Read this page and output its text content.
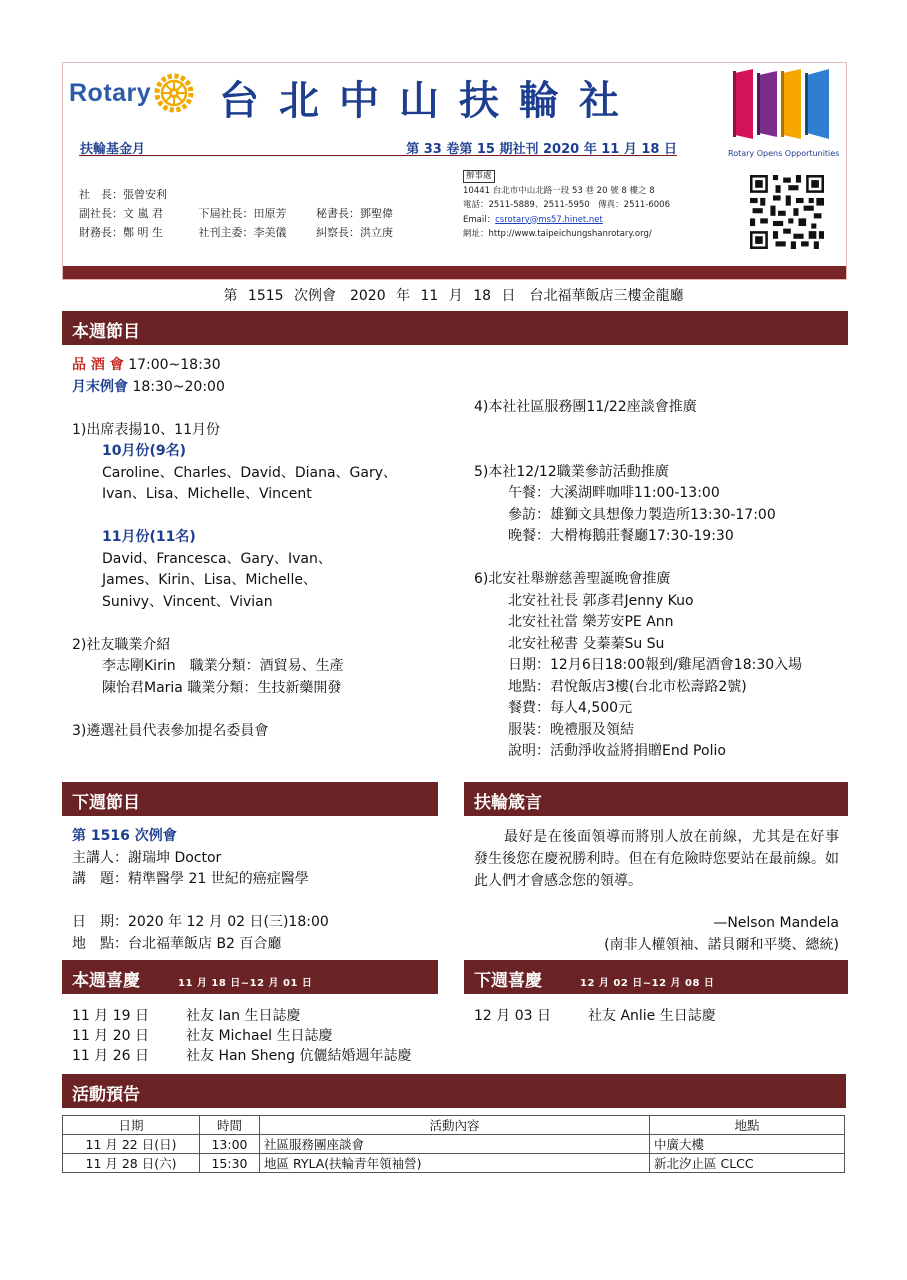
Rotary 台北中山扶輪社
Rotary Opens Opportunities
扶輪基金月	第 33 卷第 15 期社刊 2020 年 11 月 18 日
社　長：張曾安利
副社長：文 嵐 君	下屆社長：田原芳	秘書長：鄧聖偉
財務長：鄭 明 生	社刊主委：李美儀	糾察長：洪立庚
辦事處
10441 台北市中山北路一段 53 巷 20 號 8 樓之 8
電話：2511-5889、2511-5950　傳真：2511-6006
Email：csrotary@ms57.hinet.net
網址：http://www.taipeichungshanrotary.org/
第 1515 次例會　2020 年 11 月 18 日　台北福華飯店三樓金龍廳
本週節目
品 酒 會 17:00~18:30
月末例會 18:30~20:00
1)出席表揚10、11月份
10月份(9名)
Caroline、Charles、David、Diana、Gary、
Ivan、Lisa、Michelle、Vincent
11月份(11名)
David、Francesca、Gary、Ivan、
James、Kirin、Lisa、Michelle、
Sunivy、Vincent、Vivian
2)社友職業介紹
李志剛Kirin　職業分類：酒貿易、生產
陳怡君Maria 職業分類：生技新藥開發
3)遴選社員代表參加提名委員會
4)本社社區服務團11/22座談會推廣
5)本社12/12職業參訪活動推廣
午餐：大溪湖畔咖啡11:00-13:00
參訪：雄獅文具想像力製造所13:30-17:00
晚餐：大榾梅鵝莊餐廳17:30-19:30
6)北安社舉辦慈善聖誕晚會推廣
北安社社長 郭彥君Jenny Kuo
北安社社當 樂芳安PE Ann
北安社秘書 殳蓁蓁Su Su
日期：12月6日18:00報到/雞尾酒會18:30入場
地點：君悅飯店3樓(台北市松壽路2號)
餐費：每人4,500元
服裝：晚禮服及領結
說明：活動淨收益將捐贈End Polio
下週節目
第 1516 次例會
主講人：謝瑞坤 Doctor
講　題：精準醫學 21 世紀的癌症醫學
日　期：2020 年 12 月 02 日(三)18:00
地　點：台北福華飯店 B2 百合廳
扶輪箴言
最好是在後面領導而將別人放在前線，尤其是在好事發生後您在慶祝勝利時。但在有危險時您要站在最前線。如此人們才會感念您的領導。
—Nelson Mandela
(南非人權領袖、諾貝爾和平獎、總統)
本週喜慶	11 月 18 日~12 月 01 日
11 月 19 日	社友 Ian 生日誌慶
11 月 20 日	社友 Michael 生日誌慶
11 月 26 日	社友 Han Sheng 伉儷結婚週年誌慶
下週喜慶	12 月 02 日~12 月 08 日
12 月 03 日	社友 Anlie 生日誌慶
活動預告
日期	時間	活動內容	地點
11 月 22 日(日)	13:00	社區服務團座談會	中廣大樓
11 月 28 日(六)	15:30	地區 RYLA(扶輪青年領袖營)	新北汐止區 CLCC
